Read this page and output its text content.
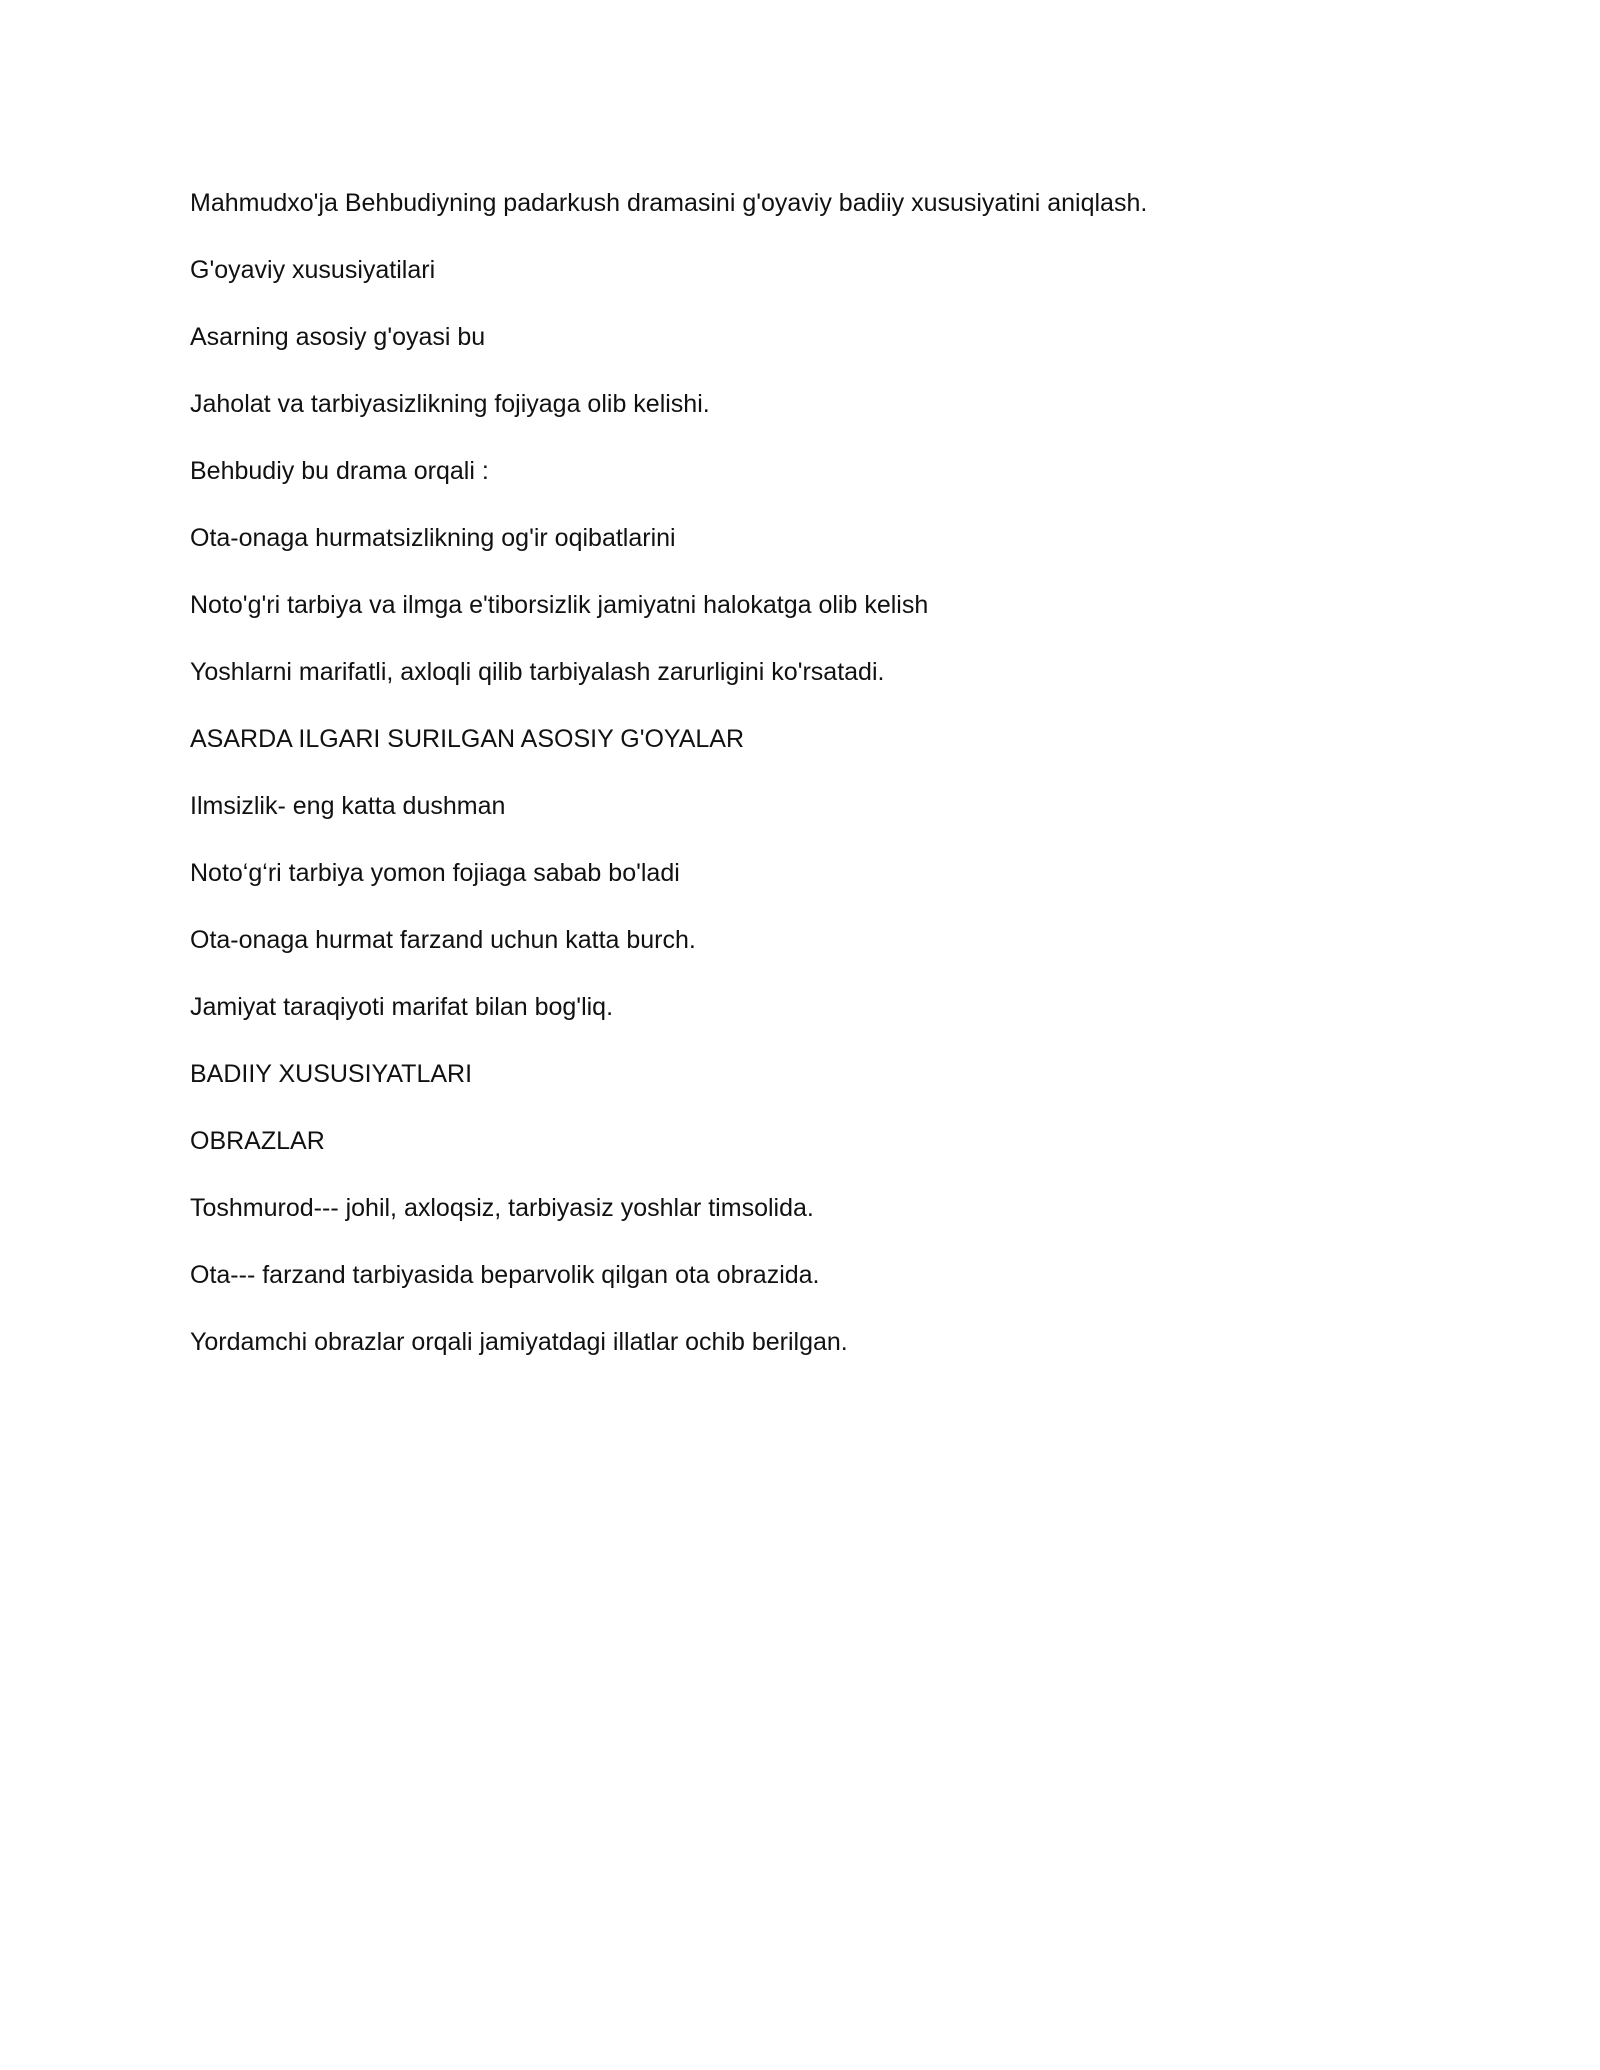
Mahmudxo'ja Behbudiyning padarkush dramasini g'oyaviy badiiy xususiyatini aniqlash.

G'oyaviy xususiyatilari

Asarning asosiy g'oyasi bu

Jaholat va tarbiyasizlikning fojiyaga olib kelishi.

Behbudiy bu drama orqali :

Ota-onaga hurmatsizlikning og'ir oqibatlarini

Noto'g'ri tarbiya va ilmga e'tiborsizlik jamiyatni halokatga olib kelish

Yoshlarni marifatli, axloqli qilib tarbiyalash zarurligini ko'rsatadi.

ASARDA ILGARI SURILGAN ASOSIY G'OYALAR

Ilmsizlik- eng katta dushman

Noto‘g‘ri tarbiya yomon fojiaga sabab bo'ladi

Ota-onaga hurmat farzand uchun katta burch.

Jamiyat taraqiyoti marifat bilan bog'liq.

BADIIY XUSUSIYATLARI

OBRAZLAR

Toshmurod--- johil, axloqsiz, tarbiyasiz yoshlar timsolida.

Ota--- farzand tarbiyasida beparvolik qilgan ota obrazida.

Yordamchi obrazlar orqali jamiyatdagi illatlar ochib berilgan.
